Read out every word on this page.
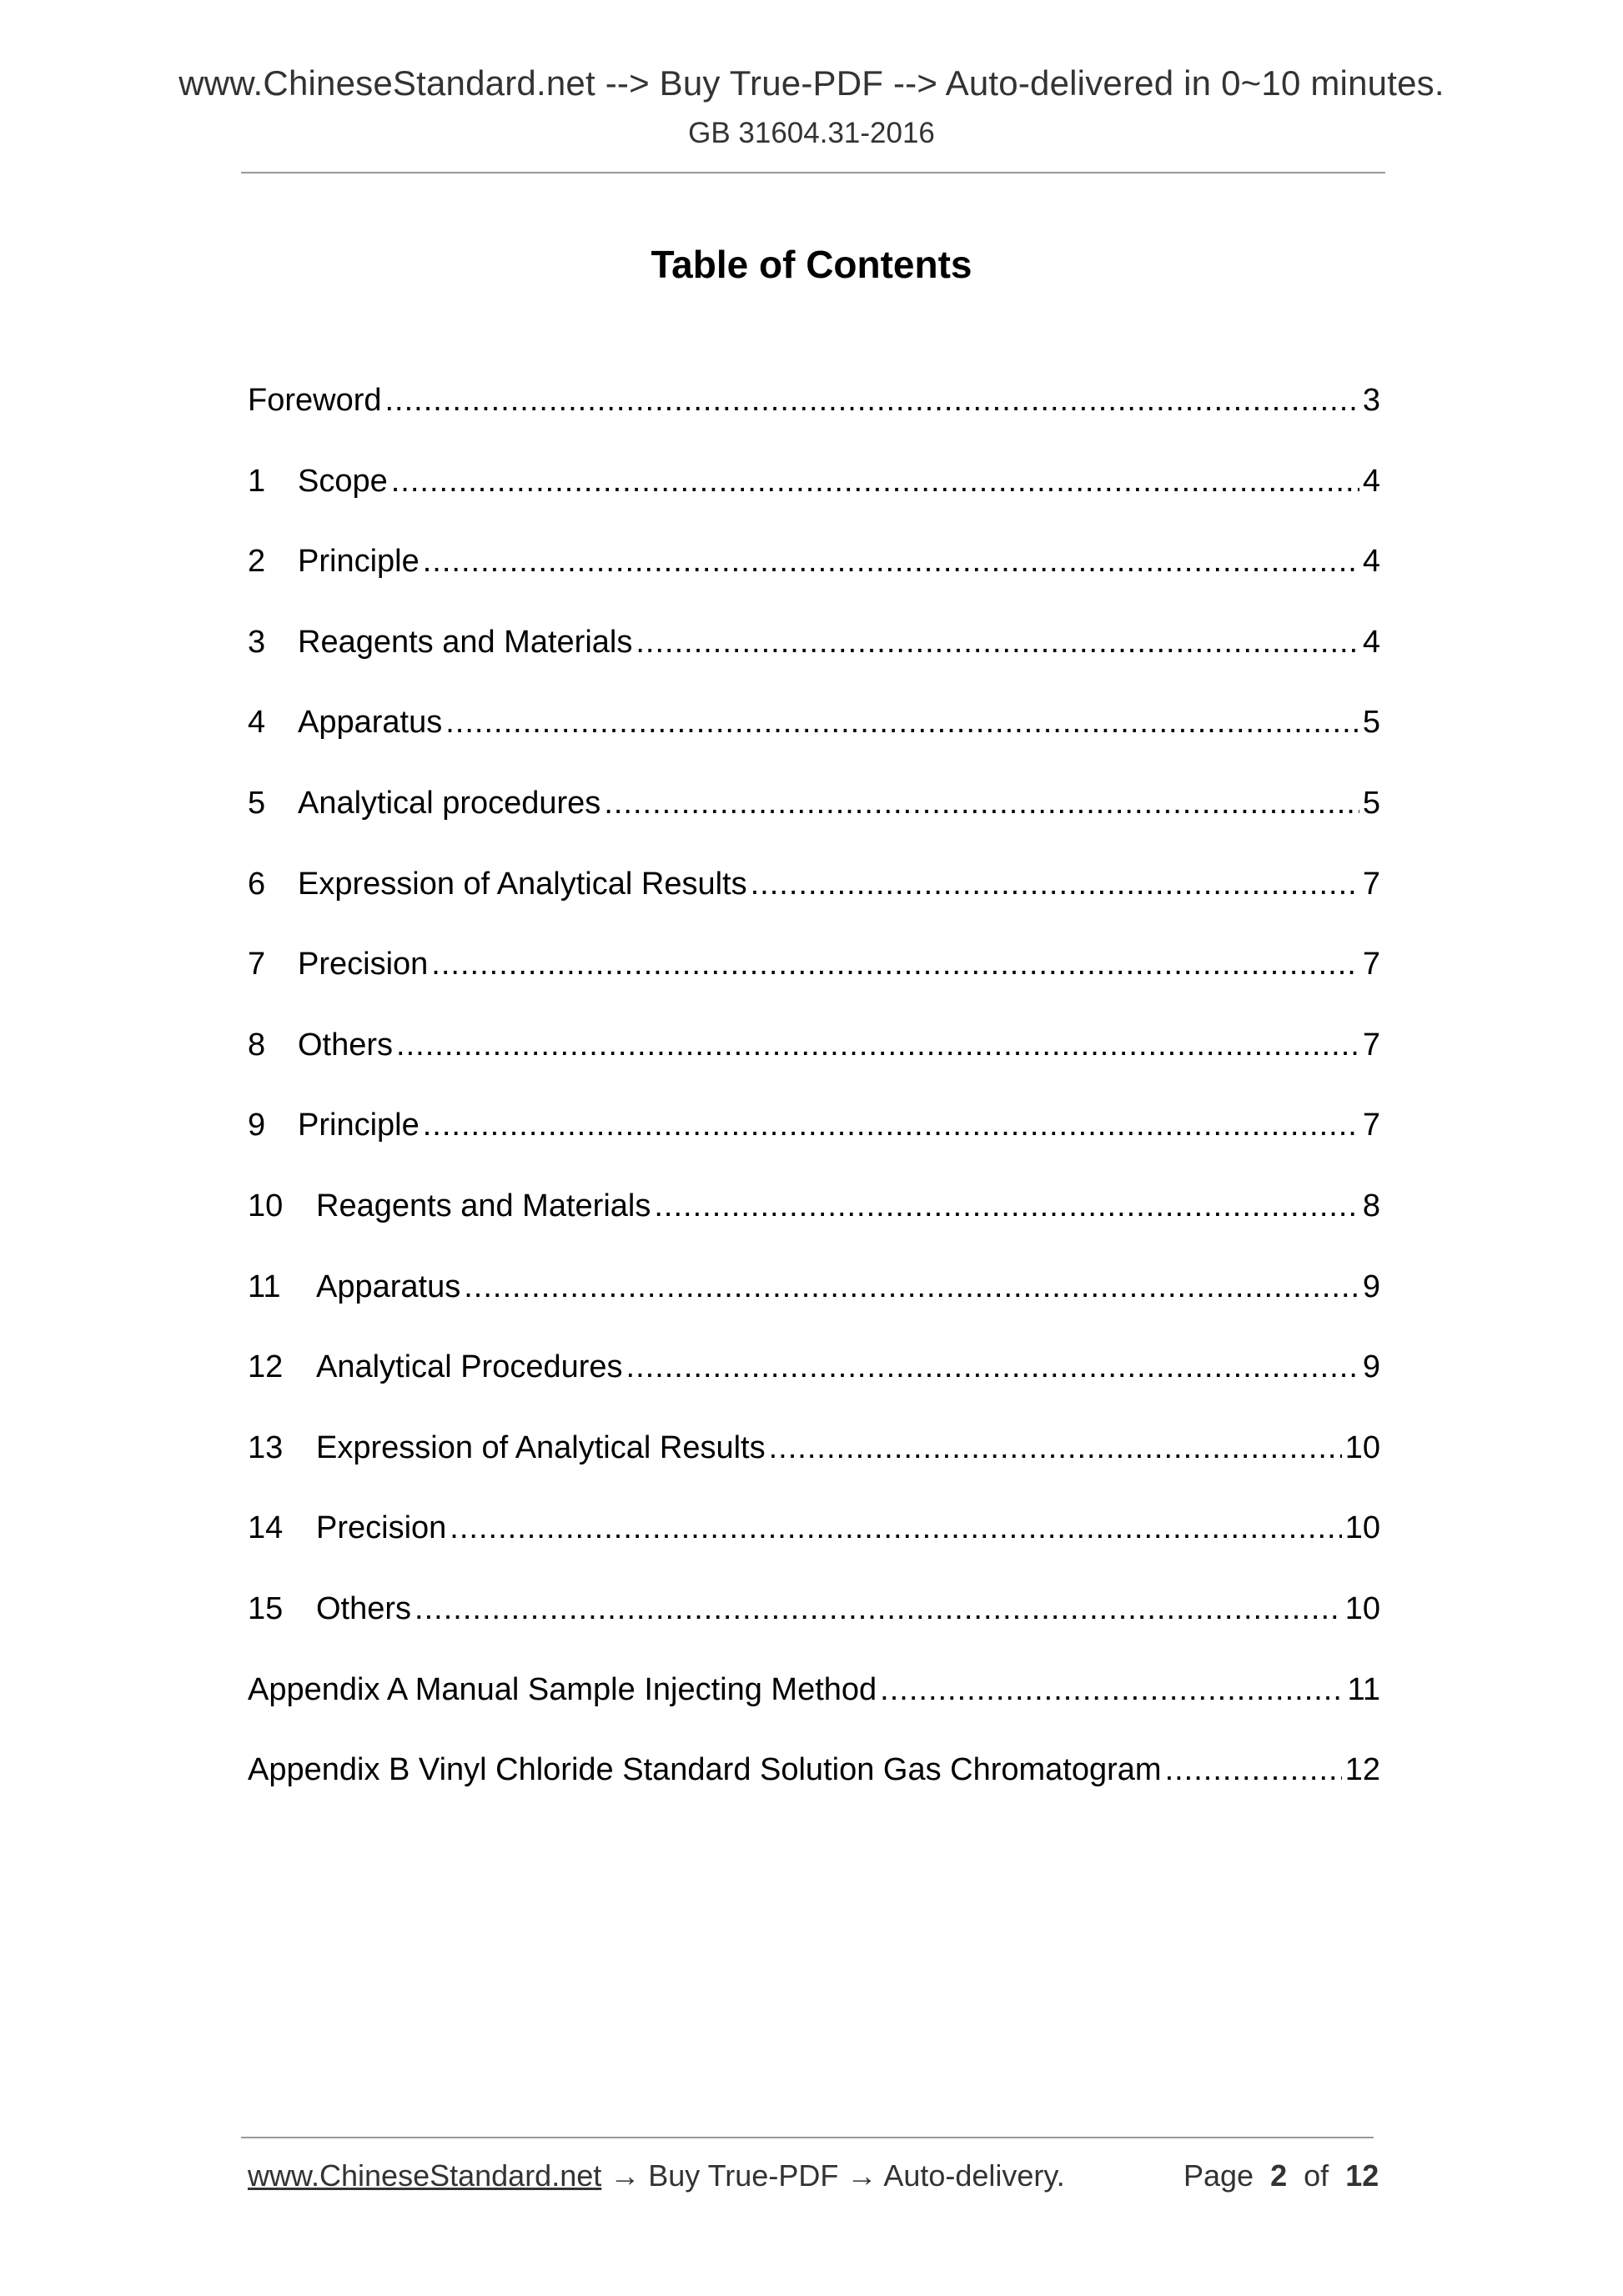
www.ChineseStandard.net --> Buy True-PDF --> Auto-delivered in 0~10 minutes.
GB 31604.31-2016
Table of Contents
Foreword .....	3
1	Scope .....	4
2	Principle .....	4
3	Reagents and Materials .....	4
4	Apparatus .....	5
5	Analytical procedures .....	5
6	Expression of Analytical Results .....	7
7	Precision .....	7
8	Others .....	7
9	Principle .....	7
10	Reagents and Materials .....	8
11	Apparatus .....	9
12	Analytical Procedures .....	9
13	Expression of Analytical Results .....	10
14	Precision .....	10
15	Others .....	10
Appendix A Manual Sample Injecting Method .....	11
Appendix B Vinyl Chloride Standard Solution Gas Chromatogram .....	12
www.ChineseStandard.net → Buy True-PDF → Auto-delivery.	Page 2 of 12
